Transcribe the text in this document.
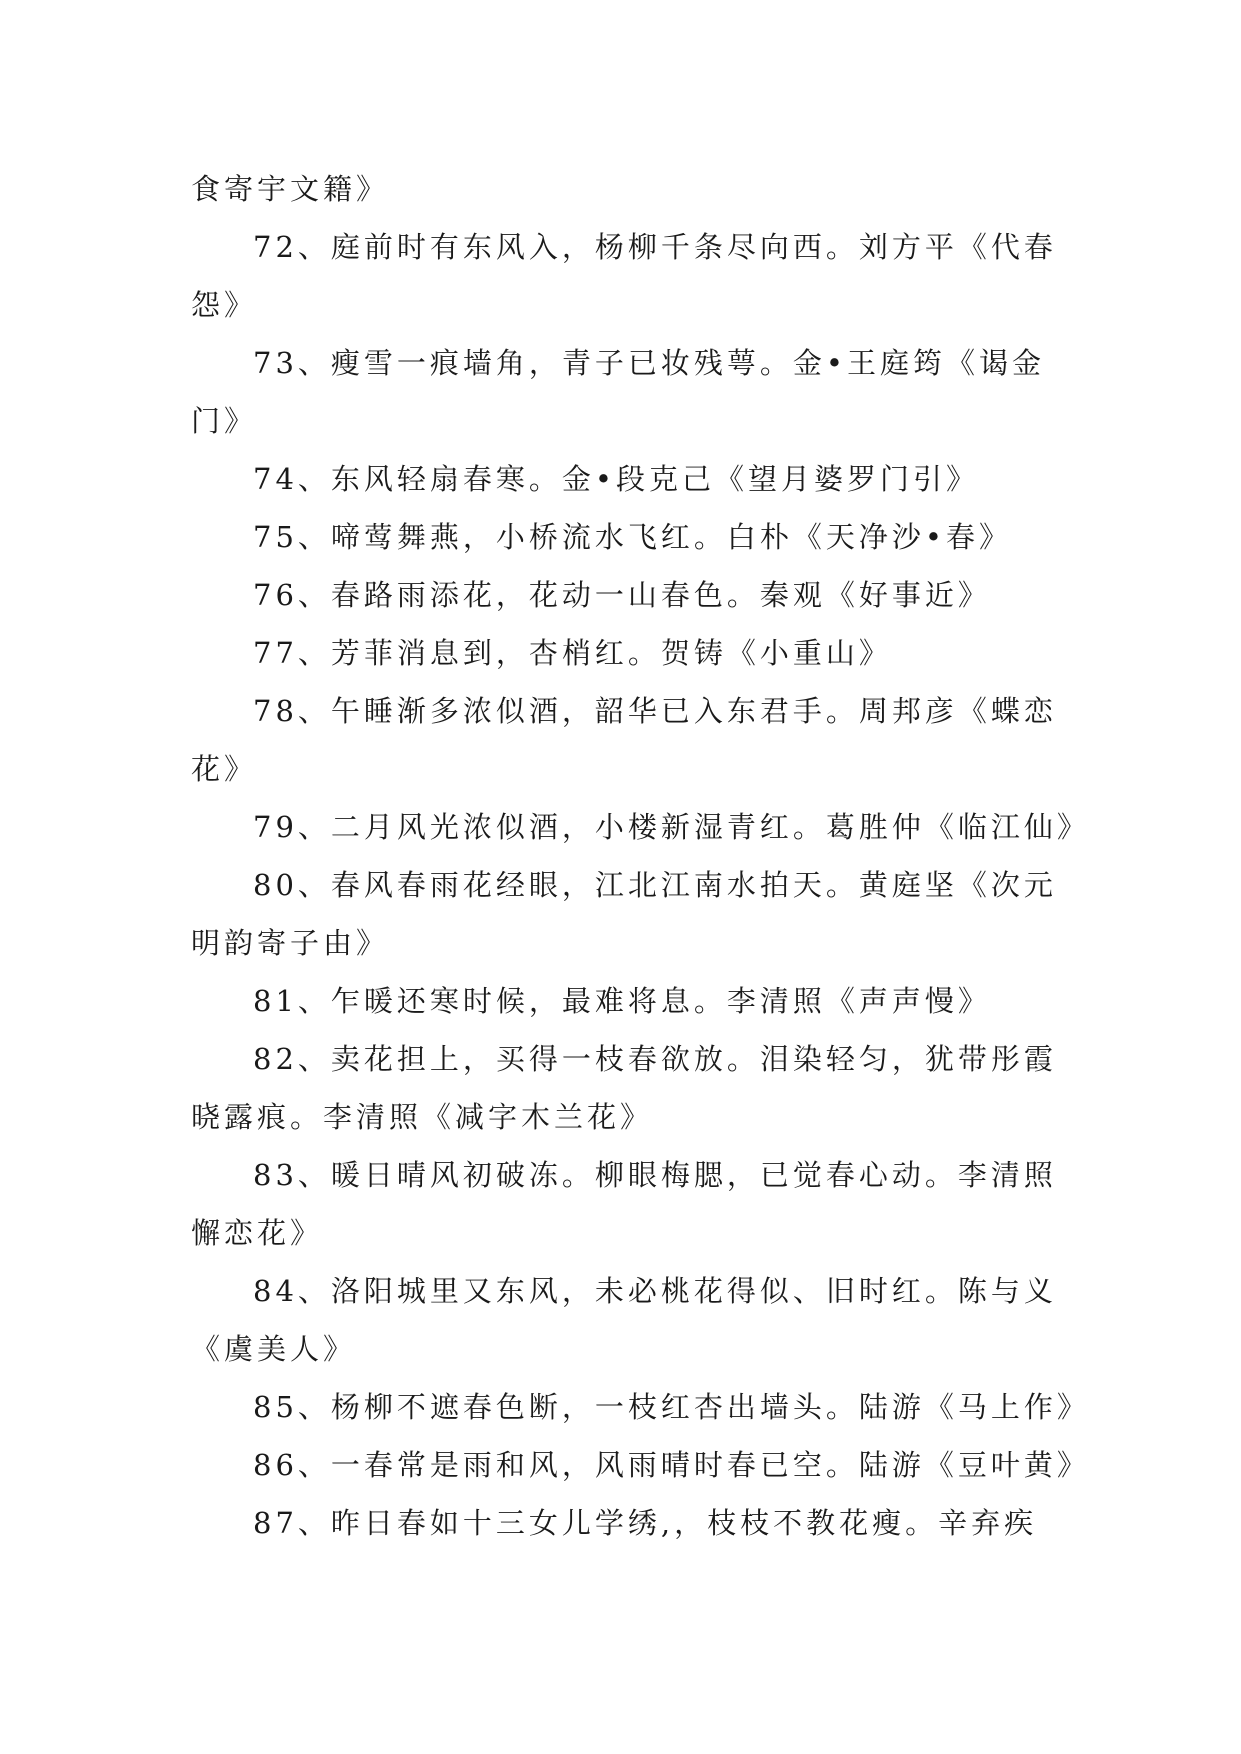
食寄宇文籍》
72、庭前时有东风入，杨柳千条尽向西。刘方平《代春
怨》
73、瘦雪一痕墙角，青子已妆残萼。金•王庭筠《谒金
门》
74、东风轻扇春寒。金•段克己《望月婆罗门引》
75、啼莺舞燕，小桥流水飞红。白朴《天净沙•春》
76、春路雨添花，花动一山春色。秦观《好事近》
77、芳菲消息到，杏梢红。贺铸《小重山》
78、午睡渐多浓似酒，韶华已入东君手。周邦彦《蝶恋
花》
79、二月风光浓似酒，小楼新湿青红。葛胜仲《临江仙》
80、春风春雨花经眼，江北江南水拍天。黄庭坚《次元
明韵寄子由》
81、乍暖还寒时候，最难将息。李清照《声声慢》
82、卖花担上，买得一枝春欲放。泪染轻匀，犹带彤霞
晓露痕。李清照《减字木兰花》
83、暖日晴风初破冻。柳眼梅腮，已觉春心动。李清照
懈恋花》
84、洛阳城里又东风，未必桃花得似、旧时红。陈与义
《虞美人》
85、杨柳不遮春色断，一枝红杏出墙头。陆游《马上作》
86、一春常是雨和风，风雨晴时春已空。陆游《豆叶黄》
87、昨日春如十三女儿学绣,，枝枝不教花瘦。辛弃疾
